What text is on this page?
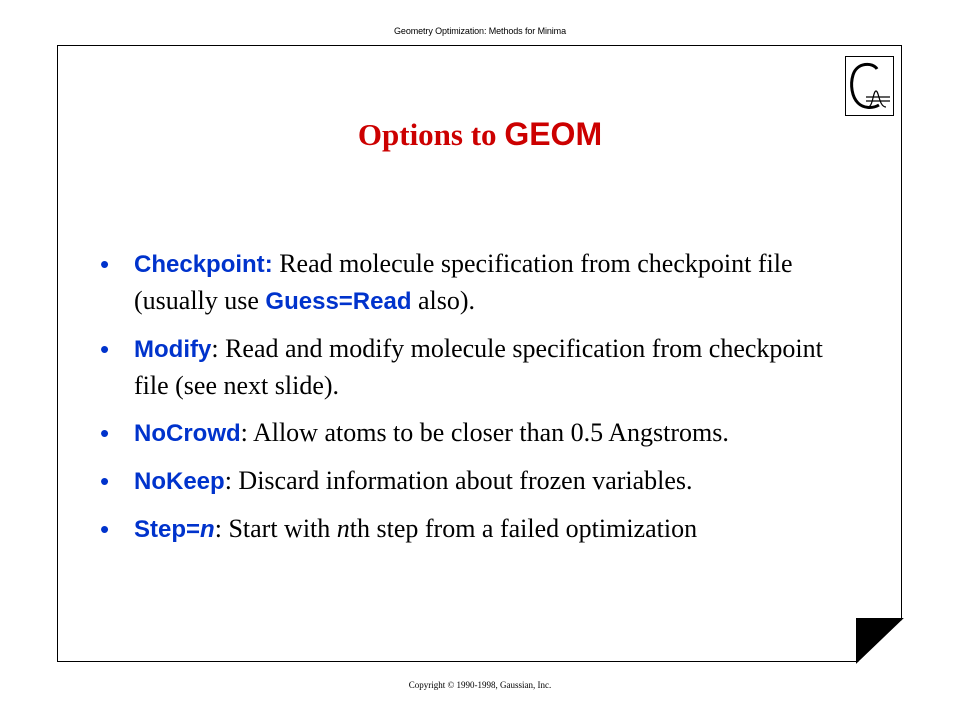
Geometry Optimization: Methods for Minima
Options to GEOM
• Checkpoint: Read molecule specification from checkpoint file (usually use Guess=Read also).
• Modify: Read and modify molecule specification from checkpoint file (see next slide).
• NoCrowd: Allow atoms to be closer than 0.5 Angstroms.
• NoKeep: Discard information about frozen variables.
• Step=n: Start with nth step from a failed optimization
Copyright © 1990-1998, Gaussian, Inc.
